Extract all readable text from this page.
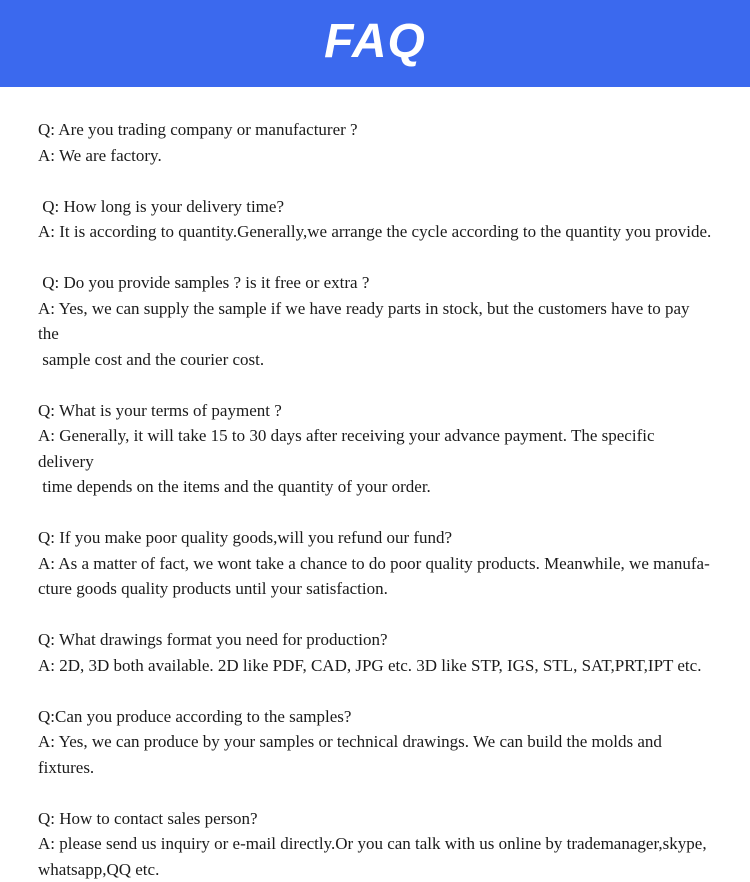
FAQ
Q: Are you trading company or manufacturer ?
A: We are factory.
Q: How long is your delivery time?
A: It is according to quantity.Generally,we arrange the cycle according to the quantity you provide.
Q: Do you provide samples ? is it free or extra ?
A: Yes, we can supply the sample if we have ready parts in stock, but the customers have to pay the
sample cost and the courier cost.
Q: What is your terms of payment ?
A: Generally, it will take 15 to 30 days after receiving your advance payment. The specific delivery
time depends on the items and the quantity of your order.
Q: If you make poor quality goods,will you refund our fund?
A: As a matter of fact, we wont take a chance to do poor quality products. Meanwhile, we manufa-
cture goods quality products until your satisfaction.
Q: What drawings format you need for production?
A: 2D, 3D both available. 2D like PDF, CAD, JPG etc. 3D like STP, IGS, STL, SAT,PRT,IPT etc.
Q:Can you produce according to the samples?
A: Yes, we can produce by your samples or technical drawings. We can build the molds and fixtures.
Q: How to contact sales person?
A: please send us inquiry or e-mail directly.Or you can talk with us online by trademanager,skype,
whatsapp,QQ etc.
